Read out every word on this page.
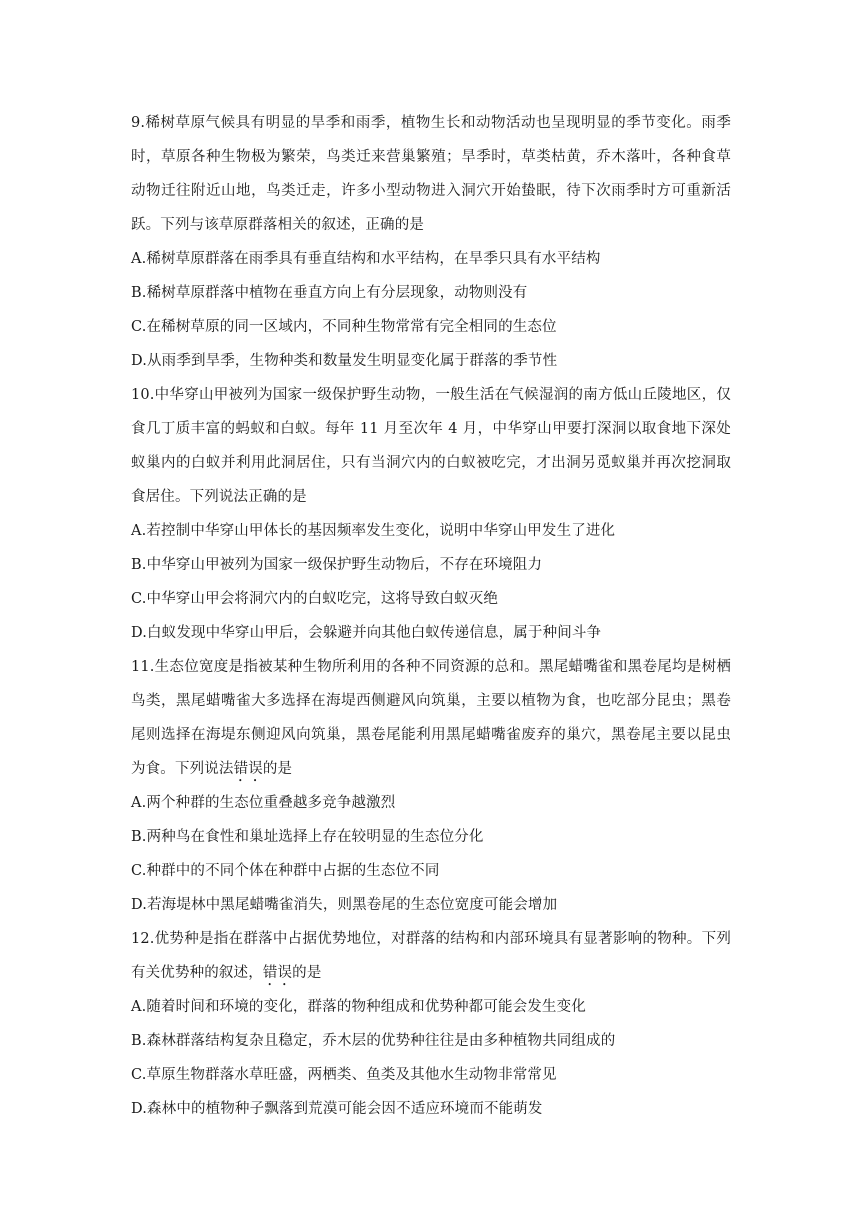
9.稀树草原气候具有明显的旱季和雨季，植物生长和动物活动也呈现明显的季节变化。雨季时，草原各种生物极为繁荣，鸟类迁来营巢繁殖；旱季时，草类枯黄，乔木落叶，各种食草动物迁往附近山地，鸟类迁走，许多小型动物进入洞穴开始蛰眠，待下次雨季时方可重新活跃。下列与该草原群落相关的叙述，正确的是

A.稀树草原群落在雨季具有垂直结构和水平结构，在旱季只具有水平结构

B.稀树草原群落中植物在垂直方向上有分层现象，动物则没有

C.在稀树草原的同一区域内，不同种生物常常有完全相同的生态位

D.从雨季到旱季，生物种类和数量发生明显变化属于群落的季节性

10.中华穿山甲被列为国家一级保护野生动物，一般生活在气候湿润的南方低山丘陵地区，仅食几丁质丰富的蚂蚁和白蚁。每年 11 月至次年 4 月，中华穿山甲要打深洞以取食地下深处蚁巢内的白蚁并利用此洞居住，只有当洞穴内的白蚁被吃完，才出洞另觅蚁巢并再次挖洞取食居住。下列说法正确的是

A.若控制中华穿山甲体长的基因频率发生变化，说明中华穿山甲发生了进化

B.中华穿山甲被列为国家一级保护野生动物后，不存在环境阻力

C.中华穿山甲会将洞穴内的白蚁吃完，这将导致白蚁灭绝

D.白蚁发现中华穿山甲后，会躲避并向其他白蚁传递信息，属于种间斗争

11.生态位宽度是指被某种生物所利用的各种不同资源的总和。黑尾蜡嘴雀和黑卷尾均是树栖鸟类，黑尾蜡嘴雀大多选择在海堤西侧避风向筑巢，主要以植物为食，也吃部分昆虫；黑卷尾则选择在海堤东侧迎风向筑巢，黑卷尾能利用黑尾蜡嘴雀废弃的巢穴，黑卷尾主要以昆虫为食。下列说法错误的是

A.两个种群的生态位重叠越多竞争越激烈

B.两种鸟在食性和巢址选择上存在较明显的生态位分化

C.种群中的不同个体在种群中占据的生态位不同

D.若海堤林中黑尾蜡嘴雀消失，则黑卷尾的生态位宽度可能会增加

12.优势种是指在群落中占据优势地位，对群落的结构和内部环境具有显著影响的物种。下列有关优势种的叙述，错误的是

A.随着时间和环境的变化，群落的物种组成和优势种都可能会发生变化

B.森林群落结构复杂且稳定，乔木层的优势种往往是由多种植物共同组成的

C.草原生物群落水草旺盛，两栖类、鱼类及其他水生动物非常常见

D.森林中的植物种子飘落到荒漠可能会因不适应环境而不能萌发
